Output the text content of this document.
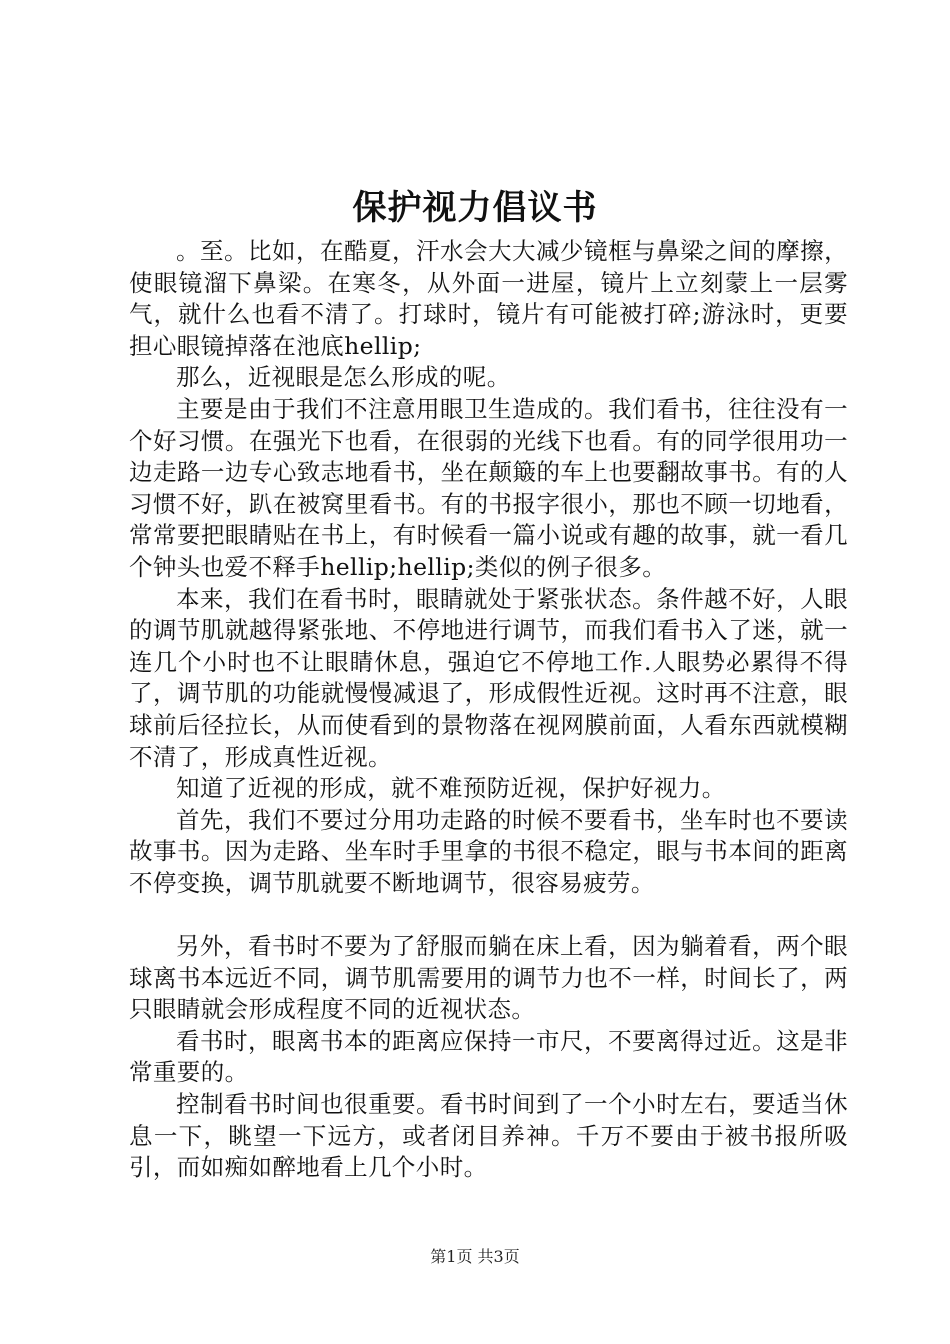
保护视力倡议书

。至。比如，在酷夏，汗水会大大减少镜框与鼻梁之间的摩擦，使眼镜溜下鼻梁。在寒冬，从外面一进屋，镜片上立刻蒙上一层雾气，就什么也看不清了。打球时，镜片有可能被打碎;游泳时，更要担心眼镜掉落在池底hellip;

那么，近视眼是怎么形成的呢。

主要是由于我们不注意用眼卫生造成的。我们看书，往往没有一个好习惯。在强光下也看，在很弱的光线下也看。有的同学很用功一边走路一边专心致志地看书，坐在颠簸的车上也要翻故事书。有的人习惯不好，趴在被窝里看书。有的书报字很小，那也不顾一切地看，常常要把眼睛贴在书上，有时候看一篇小说或有趣的故事，就一看几个钟头也爱不释手hellip;hellip;类似的例子很多。

本来，我们在看书时，眼睛就处于紧张状态。条件越不好，人眼的调节肌就越得紧张地、不停地进行调节，而我们看书入了迷，就一连几个小时也不让眼睛休息，强迫它不停地工作.人眼势必累得不得了，调节肌的功能就慢慢减退了，形成假性近视。这时再不注意，眼球前后径拉长，从而使看到的景物落在视网膜前面，人看东西就模糊不清了，形成真性近视。

知道了近视的形成，就不难预防近视，保护好视力。

首先，我们不要过分用功走路的时候不要看书，坐车时也不要读故事书。因为走路、坐车时手里拿的书很不稳定，眼与书本间的距离不停变换，调节肌就要不断地调节，很容易疲劳。

另外，看书时不要为了舒服而躺在床上看，因为躺着看，两个眼球离书本远近不同，调节肌需要用的调节力也不一样，时间长了，两只眼睛就会形成程度不同的近视状态。

看书时，眼离书本的距离应保持一市尺，不要离得过近。这是非常重要的。

控制看书时间也很重要。看书时间到了一个小时左右，要适当休息一下，眺望一下远方，或者闭目养神。千万不要由于被书报所吸引，而如痴如醉地看上几个小时。

第1页 共3页
